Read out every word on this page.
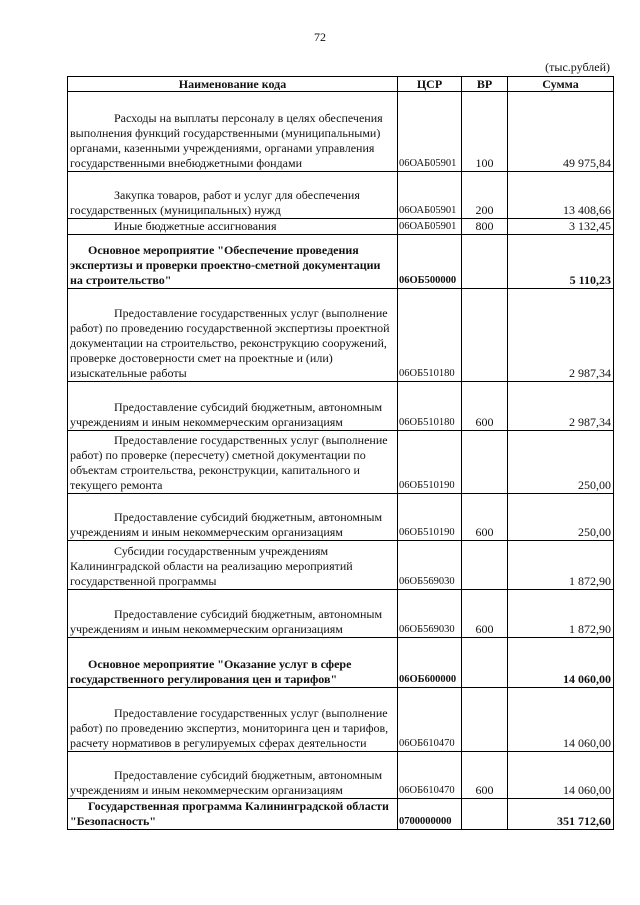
72
(тыс.рублей)
Наименование кода	ЦСР	ВР	Сумма
Расходы на выплаты персоналу в целях обеспечения выполнения функций государственными (муниципальными) органами, казенными учреждениями, органами управления государственными внебюджетными фондами	06ОАБ05901	100	49 975,84
Закупка товаров, работ и услуг для обеспечения государственных (муниципальных) нужд	06ОАБ05901	200	13 408,66
Иные бюджетные ассигнования	06ОАБ05901	800	3 132,45
Основное мероприятие "Обеспечение проведения экспертизы и проверки проектно-сметной документации на строительство"	06ОБ500000		5 110,23
Предоставление государственных услуг (выполнение работ) по проведению государственной экспертизы проектной документации на строительство, реконструкцию сооружений, проверке достоверности смет на проектные и (или) изыскательные работы	06ОБ510180		2 987,34
Предоставление субсидий бюджетным, автономным учреждениям и иным некоммерческим организациям	06ОБ510180	600	2 987,34
Предоставление государственных услуг (выполнение работ) по проверке (пересчету) сметной документации по объектам строительства, реконструкции, капитального и текущего ремонта	06ОБ510190		250,00
Предоставление субсидий бюджетным, автономным учреждениям и иным некоммерческим организациям	06ОБ510190	600	250,00
Субсидии государственным учреждениям Калининградской области на реализацию мероприятий государственной программы	06ОБ569030		1 872,90
Предоставление субсидий бюджетным, автономным учреждениям и иным некоммерческим организациям	06ОБ569030	600	1 872,90
Основное мероприятие "Оказание услуг в сфере государственного регулирования цен и тарифов"	06ОБ600000		14 060,00
Предоставление государственных услуг (выполнение работ) по проведению экспертиз, мониторинга цен и тарифов, расчету нормативов в регулируемых сферах деятельности	06ОБ610470		14 060,00
Предоставление субсидий бюджетным, автономным учреждениям и иным некоммерческим организациям	06ОБ610470	600	14 060,00
Государственная программа Калининградской области "Безопасность"	0700000000		351 712,60
